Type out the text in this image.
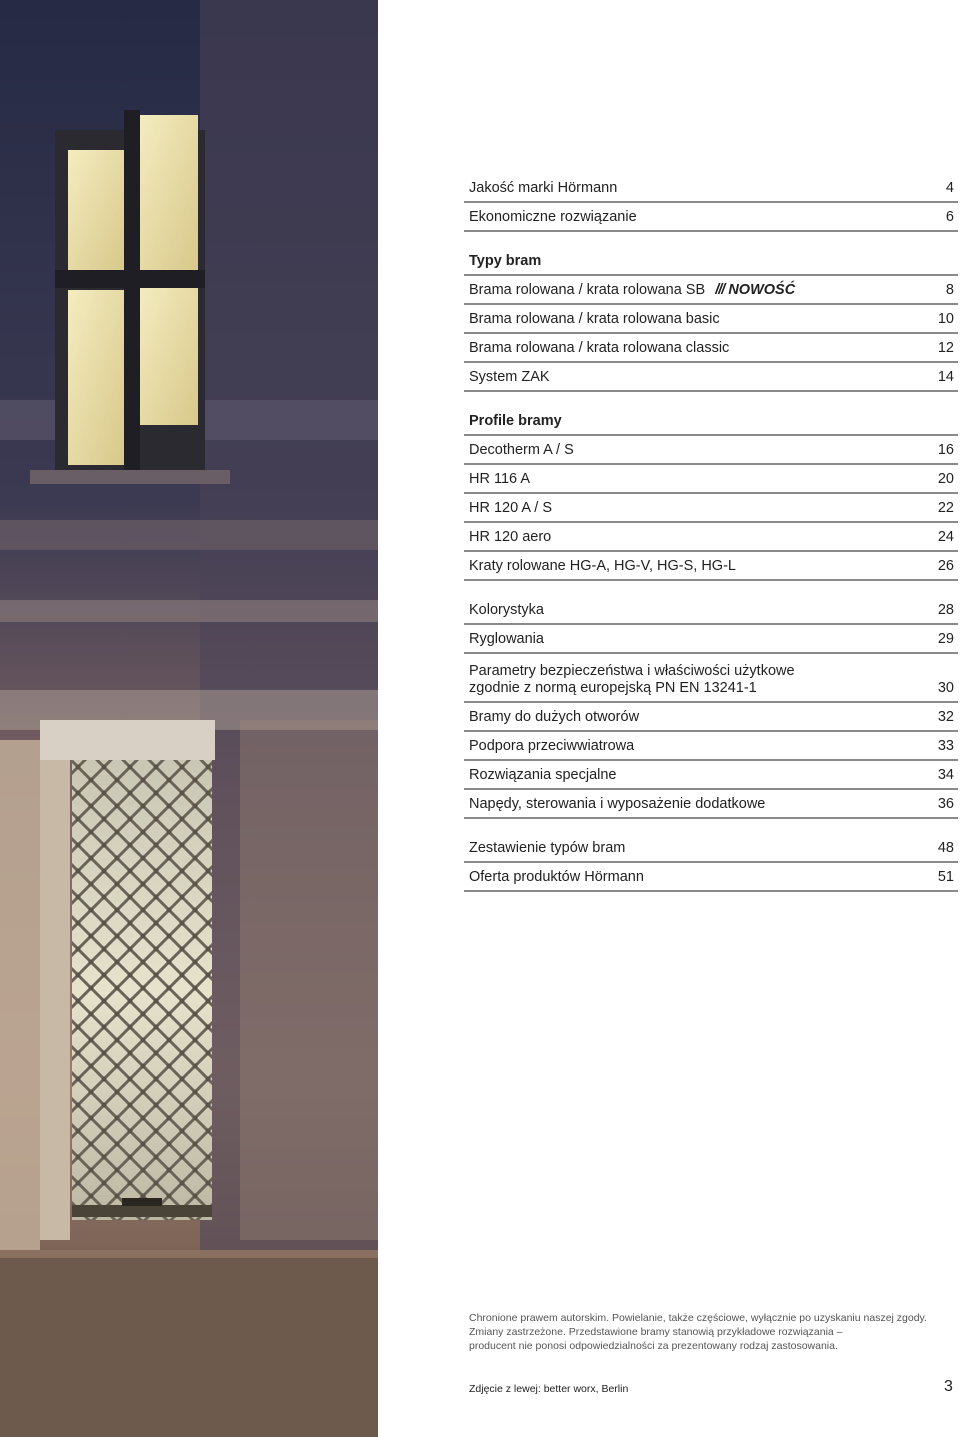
Jakość marki Hörmann	4
Ekonomiczne rozwiązanie	6
Typy bram
Brama rolowana / krata rolowana SB /// NOWOŚĆ	8
Brama rolowana / krata rolowana basic	10
Brama rolowana / krata rolowana classic	12
System ZAK	14
Profile bramy
Decotherm A / S	16
HR 116 A	20
HR 120 A / S	22
HR 120 aero	24
Kraty rolowane HG-A, HG-V, HG-S, HG-L	26
Kolorystyka	28
Ryglowania	29
Parametry bezpieczeństwa i właściwości użytkowe
zgodnie z normą europejską PN EN 13241-1	30
Bramy do dużych otworów	32
Podpora przeciwwiatrowa	33
Rozwiązania specjalne	34
Napędy, sterowania i wyposażenie dodatkowe	36
Zestawienie typów bram	48
Oferta produktów Hörmann	51

Chronione prawem autorskim. Powielanie, także częściowe, wyłącznie po uzyskaniu naszej zgody.

Zmiany zastrzeżone. Przedstawione bramy stanowią przykładowe rozwiązania –

producent nie ponosi odpowiedzialności za prezentowany rodzaj zastosowania.

Zdjęcie z lewej: better worx, Berlin	3
